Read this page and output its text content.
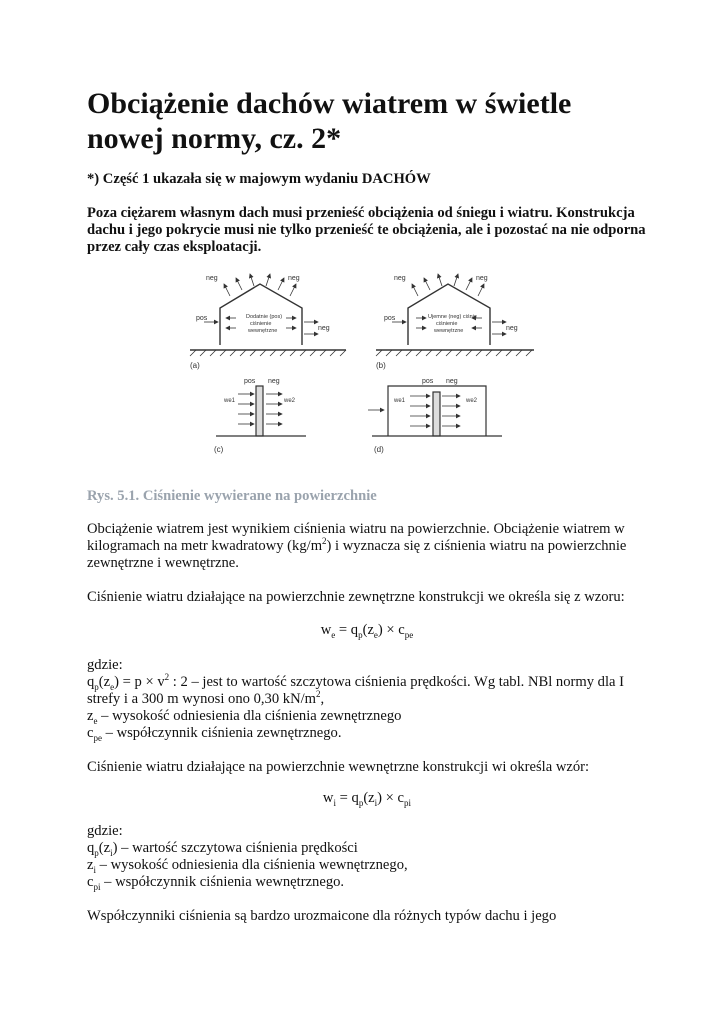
Obciążenie dachów wiatrem w świetle nowej normy, cz. 2*

*) Część 1 ukazała się w majowym wydaniu DACHÓW

Poza ciężarem własnym dach musi przenieść obciążenia od śniegu i wiatru. Konstrukcja dachu i jego pokrycie musi nie tylko przenieść te obciążenia, ale i pozostać na nie odporna przez cały czas eksploatacji.

neg	neg
pos
neg
Dodatnie (pos)
ciśnienie
wewnętrzne
(a)
neg	neg
pos
neg
Ujemne (neg) ciśnie
ciśnienie
wewnętrzne
(b)
pos neg
we1	we2
(c)
pos neg
we1	we2
(d)
Rys. 5.1. Ciśnienie wywierane na powierzchnie

Obciążenie wiatrem jest wynikiem ciśnienia wiatru na powierzchnie. Obciążenie wiatrem w kilogramach na metr kwadratowy $(kg/m^2)$ i wyznacza się z ciśnienia wiatru na powierzchnie zewnętrzne i wewnętrzne.

Ciśnienie wiatru działające na powierzchnie zewnętrzne konstrukcji we określa się z wzoru:

$w_e = q_p(z_e) \times c_{pe}$

gdzie:

$q_p(z_e) = p \times v^2$ : 2 – jest to wartość szczytowa ciśnienia prędkości. Wg tabl. NBl normy dla I strefy i a 300 m wynosi ono 0,30 $kN/m^2$,

$z_e$ – wysokość odniesienia dla ciśnienia zewnętrznego

$c_{pe}$ – współczynnik ciśnienia zewnętrznego.

Ciśnienie wiatru działające na powierzchnie wewnętrzne konstrukcji wi określa wzór:

$w_i = q_p(z_i) \times c_{pi}$

gdzie:

$q_p(z_i)$ – wartość szczytowa ciśnienia prędkości

$z_i$ – wysokość odniesienia dla ciśnienia wewnętrznego,

$c_{pi}$ – współczynnik ciśnienia wewnętrznego.

Współczynniki ciśnienia są bardzo urozmaicone dla różnych typów dachu i jego
